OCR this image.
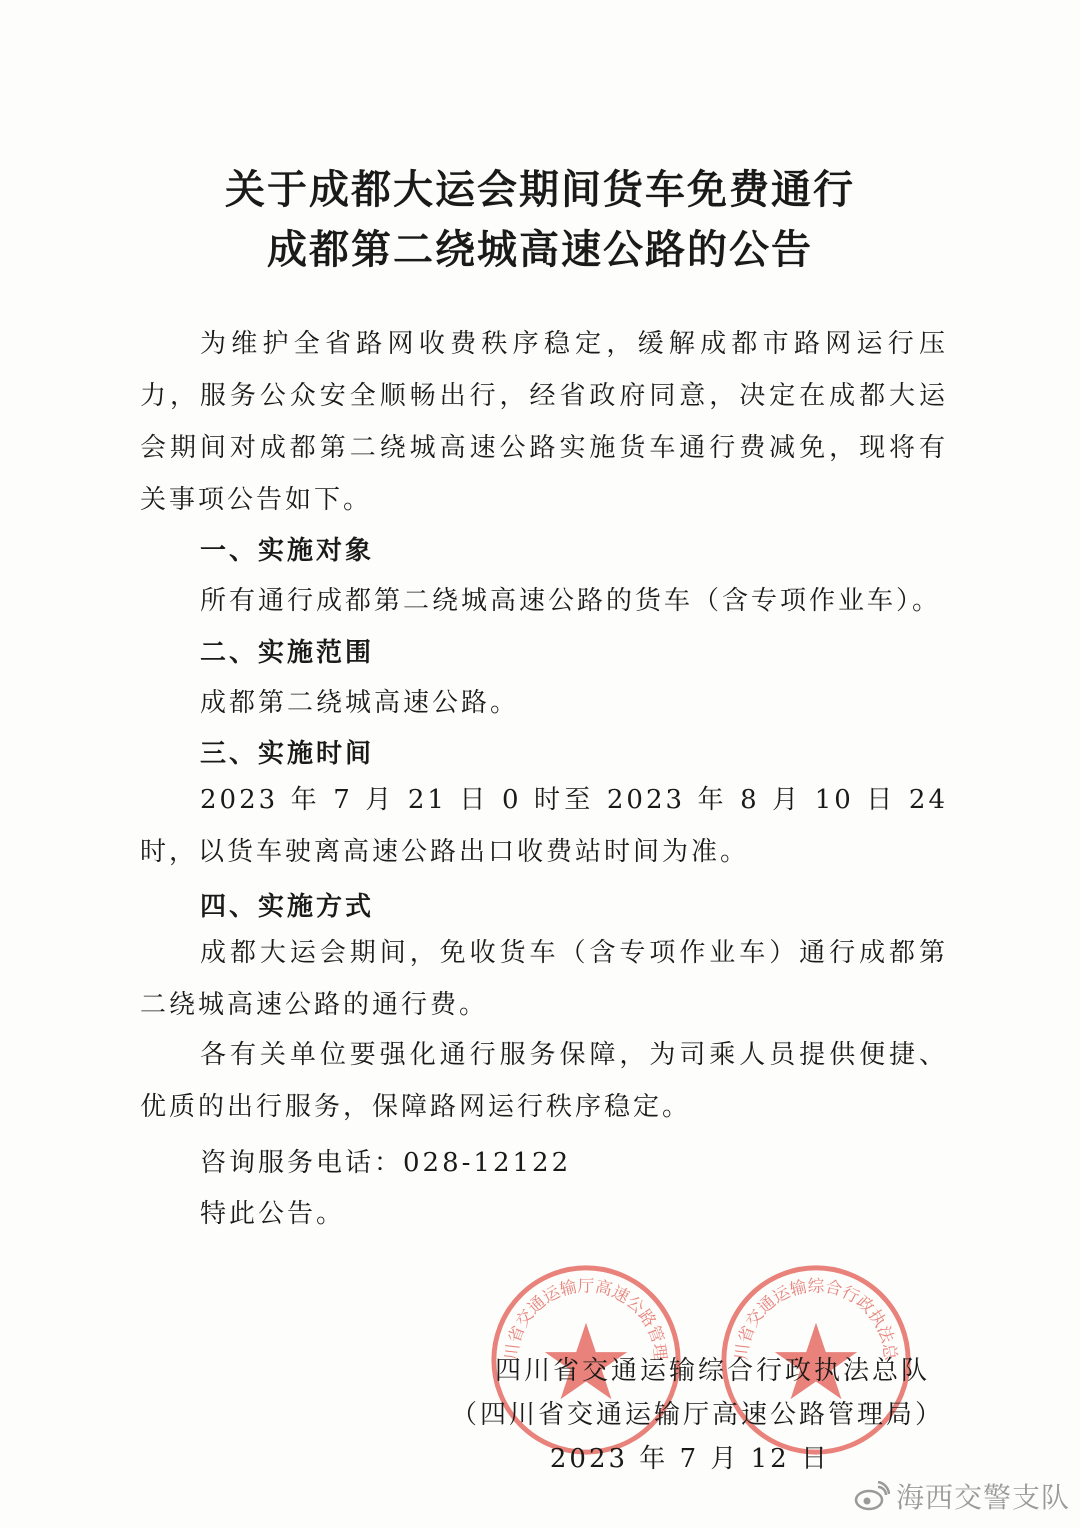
关于成都大运会期间货车免费通行
成都第二绕城高速公路的公告
为维护全省路网收费秩序稳定，缓解成都市路网运行压力，服务公众安全顺畅出行，经省政府同意，决定在成都大运会期间对成都第二绕城高速公路实施货车通行费减免，现将有关事项公告如下。
一、实施对象
所有通行成都第二绕城高速公路的货车（含专项作业车）。
二、实施范围
成都第二绕城高速公路。
三、实施时间
2023 年 7 月 21 日 0 时至 2023 年 8 月 10 日 24 时，以货车驶离高速公路出口收费站时间为准。
四、实施方式
成都大运会期间，免收货车（含专项作业车）通行成都第二绕城高速公路的通行费。
各有关单位要强化通行服务保障，为司乘人员提供便捷、优质的出行服务，保障路网运行秩序稳定。
咨询服务电话：028-12122
特此公告。
川省交通运输厅高速公路管理	川省交通运输综合行政执法总
四川省交通运输综合行政执法总队
（四川省交通运输厅高速公路管理局）
2023 年 7 月 12 日
海西交警支队
